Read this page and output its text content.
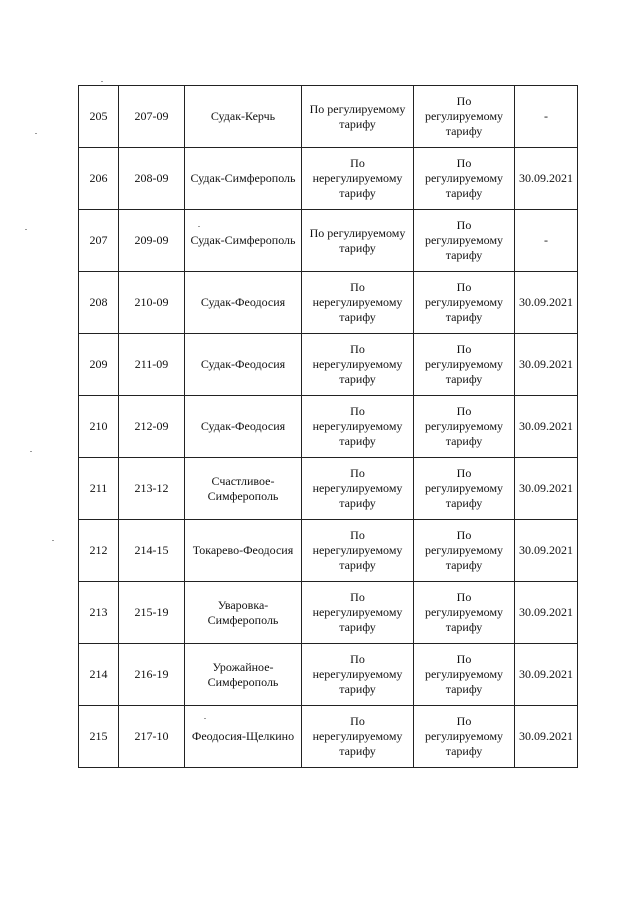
205	207-09	Судак-Керчь	По регулируемому
тарифу	По
регулируемому
тарифу	-
206	208-09	Судак-Симферополь	По
нерегулируемому
тарифу	По
регулируемому
тарифу	30.09.2021
207	209-09	Судак-Симферополь	По регулируемому
тарифу	По
регулируемому
тарифу	-
208	210-09	Судак-Феодосия	По
нерегулируемому
тарифу	По
регулируемому
тарифу	30.09.2021
209	211-09	Судак-Феодосия	По
нерегулируемому
тарифу	По
регулируемому
тарифу	30.09.2021
210	212-09	Судак-Феодосия	По
нерегулируемому
тарифу	По
регулируемому
тарифу	30.09.2021
211	213-12	Счастливое-
Симферополь	По
нерегулируемому
тарифу	По
регулируемому
тарифу	30.09.2021
212	214-15	Токарево-Феодосия	По
нерегулируемому
тарифу	По
регулируемому
тарифу	30.09.2021
213	215-19	Уваровка-
Симферополь	По
нерегулируемому
тарифу	По
регулируемому
тарифу	30.09.2021
214	216-19	Урожайное-
Симферополь	По
нерегулируемому
тарифу	По
регулируемому
тарифу	30.09.2021
215	217-10	Феодосия-Щелкино	По
нерегулируемому
тарифу	По
регулируемому
тарифу	30.09.2021
